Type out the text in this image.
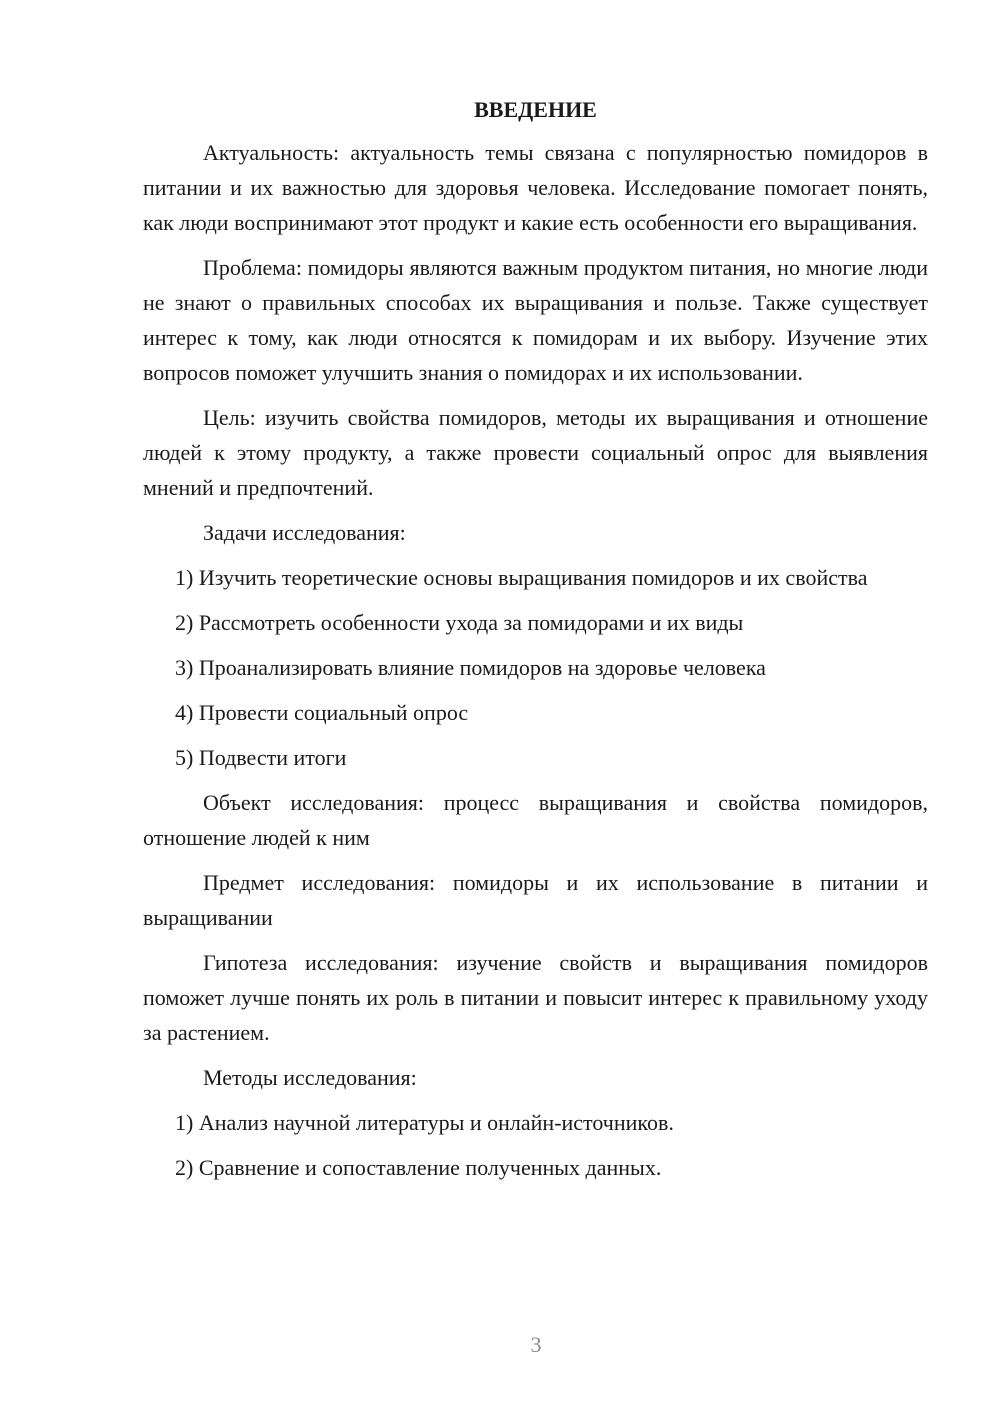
ВВЕДЕНИЕ

Актуальность: актуальность темы связана с популярностью помидоров в питании и их важностью для здоровья человека. Исследование помогает понять, как люди воспринимают этот продукт и какие есть особенности его выращивания.

Проблема: помидоры являются важным продуктом питания, но многие люди не знают о правильных способах их выращивания и пользе. Также существует интерес к тому, как люди относятся к помидорам и их выбору. Изучение этих вопросов поможет улучшить знания о помидорах и их использовании.

Цель: изучить свойства помидоров, методы их выращивания и отношение людей к этому продукту, а также провести социальный опрос для выявления мнений и предпочтений.

Задачи исследования:

1) Изучить теоретические основы выращивания помидоров и их свойства

2) Рассмотреть особенности ухода за помидорами и их виды

3) Проанализировать влияние помидоров на здоровье человека

4) Провести социальный опрос

5) Подвести итоги

Объект исследования: процесс выращивания и свойства помидоров, отношение людей к ним

Предмет исследования: помидоры и их использование в питании и выращивании

Гипотеза исследования: изучение свойств и выращивания помидоров поможет лучше понять их роль в питании и повысит интерес к правильному уходу за растением.

Методы исследования:

1) Анализ научной литературы и онлайн-источников.

2) Сравнение и сопоставление полученных данных.

3
